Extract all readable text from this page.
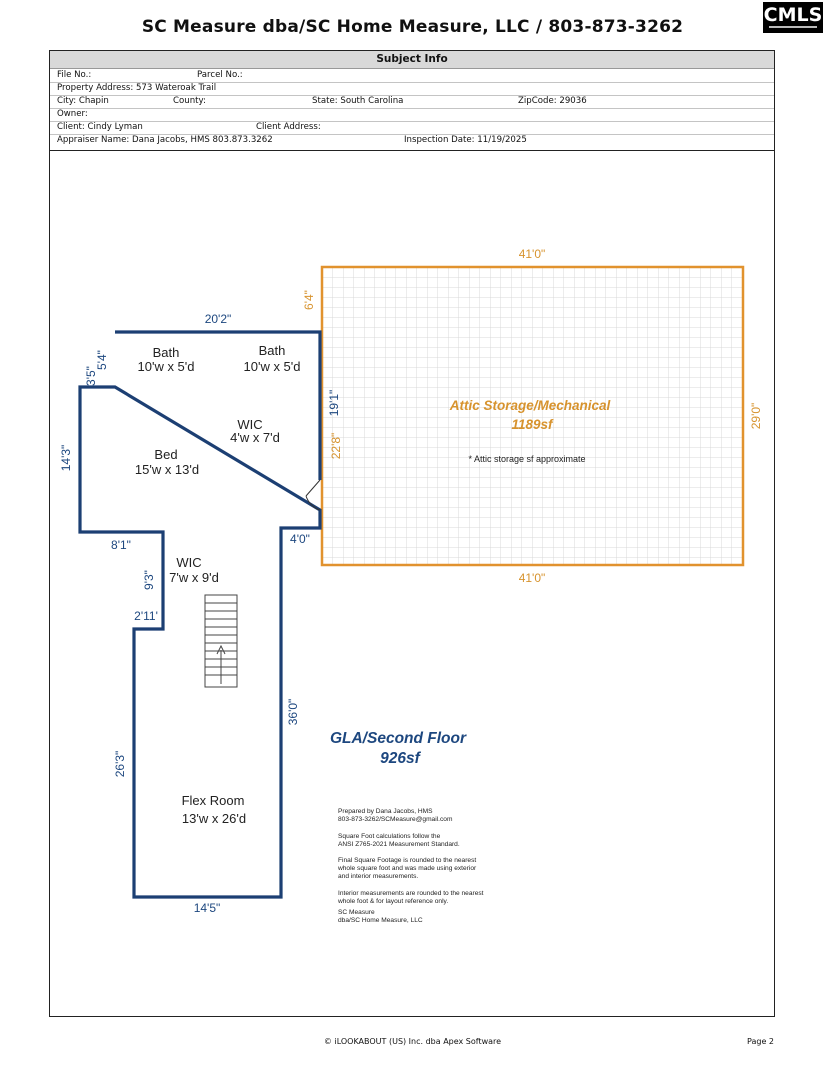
SC Measure dba/SC Home Measure, LLC / 803-873-3262
CMLS
Subject Info
File No.:	Parcel No.:
Property Address: 573 Wateroak Trail
City: Chapin	County:	State: South Carolina	ZipCode: 29036
Owner:
Client: Cindy Lyman	Client Address:
Appraiser Name: Dana Jacobs, HMS 803.873.3262	Inspection Date: 11/19/2025
41'0"
41'0"
29'0"
6'4"
22'8"
Attic Storage/Mechanical
1189sf
* Attic storage sf approximate
20'2"
14'3"
3'5"
5'4"
19'1"
8'1"
9'3"
2'11'
4'0"
36'0"
26'3"
14'5"
Bath
10'w x 5'd
Bath
10'w x 5'd
WIC
4'w x 7'd
Bed
15'w x 13'd
WIC
7'w x 9'd
Flex Room
13'w x 26'd
GLA/Second Floor
926sf
Prepared by Dana Jacobs, HMS
803-873-3262/SCMeasure@gmail.com
Square Foot calculations follow the
ANSI Z765-2021 Measurement Standard.
Final Square Footage is rounded to the nearest
whole square foot and was made using exterior
and interior measurements.
Interior measurements are rounded to the nearest
whole foot & for layout reference only.
SC Measure
dba/SC Home Measure, LLC
© iLOOKABOUT (US) Inc. dba Apex Software	Page 2
